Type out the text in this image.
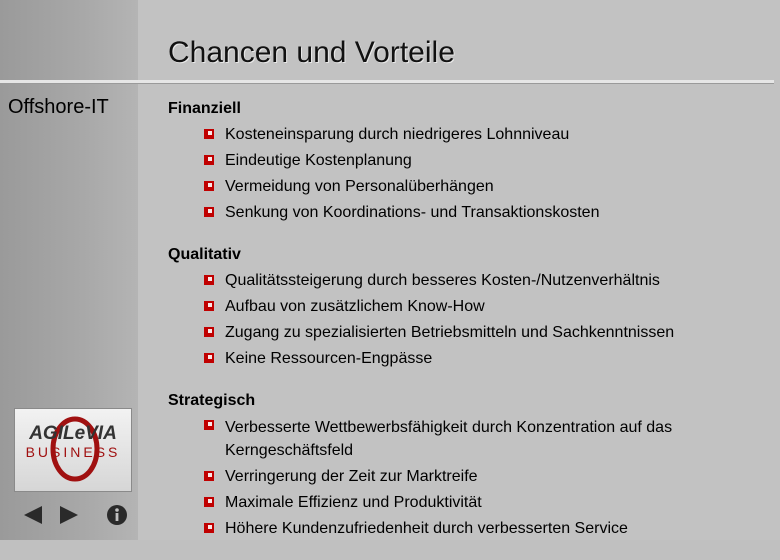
Chancen und Vorteile
Offshore-IT	Finanziell
Kosteneinsparung durch niedrigeres Lohnniveau
Eindeutige Kostenplanung
Vermeidung von Personalüberhängen
Senkung von Koordinations- und Transaktionskosten
Qualitativ
Qualitätssteigerung durch besseres Kosten-/Nutzenverhältnis
Aufbau von zusätzlichem Know-How
Zugang zu spezialisierten Betriebsmitteln und Sachkenntnissen
Keine Ressourcen-Engpässe
Strategisch
Verbesserte Wettbewerbsfähigkeit durch Konzentration auf das Kerngeschäftsfeld
Verringerung der Zeit zur Marktreife
Maximale Effizienz und Produktivität
Höhere Kundenzufriedenheit durch verbesserten Service
AGILeVIA
BUSINESS
